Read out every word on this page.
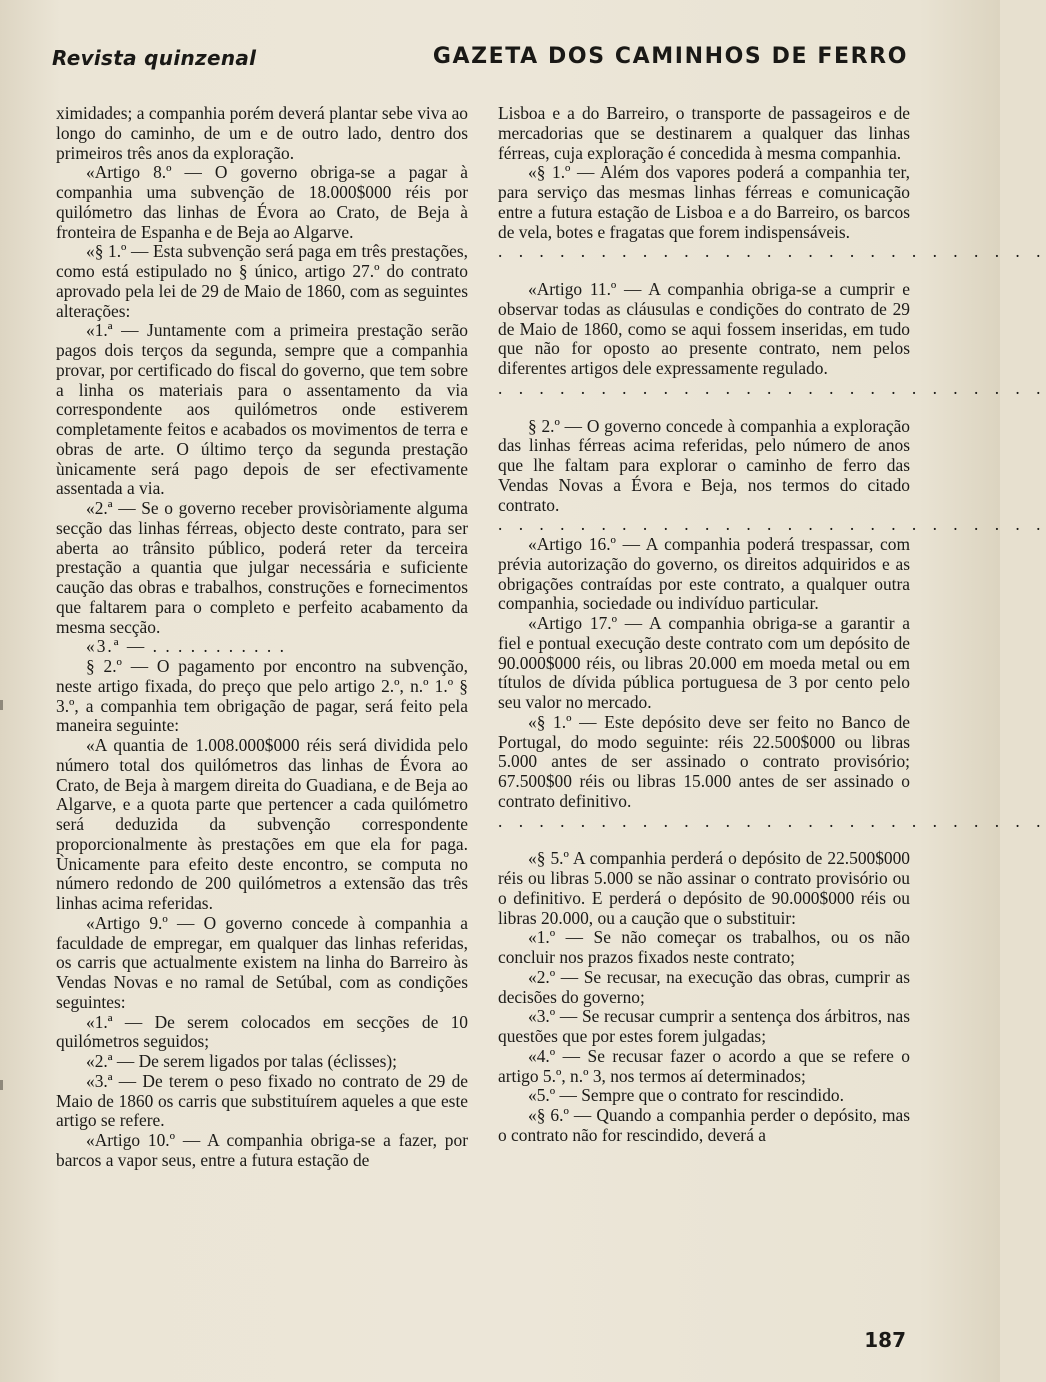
Revista quinzenal	GAZETA DOS CAMINHOS DE FERRO

ximidades; a companhia porém deverá plantar sebe viva ao longo do caminho, de um e de outro lado, dentro dos primeiros três anos da exploração.

«Artigo 8.º — O governo obriga-se a pagar à companhia uma subvenção de 18.000$000 réis por quilómetro das linhas de Évora ao Crato, de Beja à fronteira de Espanha e de Beja ao Algarve.

«§ 1.º — Esta subvenção será paga em três prestações, como está estipulado no § único, artigo 27.º do contrato aprovado pela lei de 29 de Maio de 1860, com as seguintes alterações:

«1.ª — Juntamente com a primeira prestação serão pagos dois terços da segunda, sempre que a companhia provar, por certificado do fiscal do governo, que tem sobre a linha os materiais para o assentamento da via correspondente aos quilómetros onde estiverem completamente feitos e acabados os movimentos de terra e obras de arte. O último terço da segunda prestação ùnicamente será pago depois de ser efectivamente assentada a via.

«2.ª — Se o governo receber provisòriamente alguma secção das linhas férreas, objecto deste contrato, para ser aberta ao trânsito público, poderá reter da terceira prestação a quantia que julgar necessária e suficiente caução das obras e trabalhos, construções e fornecimentos que faltarem para o completo e perfeito acabamento da mesma secção.

«3.ª — . . . . . . . . . . .

§ 2.º — O pagamento por encontro na subvenção, neste artigo fixada, do preço que pelo artigo 2.º, n.º 1.º § 3.º, a companhia tem obrigação de pagar, será feito pela maneira seguinte:

«A quantia de 1.008.000$000 réis será dividida pelo número total dos quilómetros das linhas de Évora ao Crato, de Beja à margem direita do Guadiana, e de Beja ao Algarve, e a quota parte que pertencer a cada quilómetro será deduzida da subvenção correspondente proporcionalmente às prestações em que ela for paga. Ùnicamente para efeito deste encontro, se computa no número redondo de 200 quilómetros a extensão das três linhas acima referidas.

«Artigo 9.º — O governo concede à companhia a faculdade de empregar, em qualquer das linhas referidas, os carris que actualmente existem na linha do Barreiro às Vendas Novas e no ramal de Setúbal, com as condições seguintes:

«1.ª — De serem colocados em secções de 10 quilómetros seguidos;

«2.ª — De serem ligados por talas (éclisses);

«3.ª — De terem o peso fixado no contrato de 29 de Maio de 1860 os carris que substituírem aqueles a que este artigo se refere.

«Artigo 10.º — A companhia obriga-se a fazer, por barcos a vapor seus, entre a futura estação de

Lisboa e a do Barreiro, o transporte de passageiros e de mercadorias que se destinarem a qualquer das linhas férreas, cuja exploração é concedida à mesma companhia.

«§ 1.º — Além dos vapores poderá a companhia ter, para serviço das mesmas linhas férreas e comunicação entre a futura estação de Lisboa e a do Barreiro, os barcos de vela, botes e fragatas que forem indispensáveis.

. . . . . . . . . . . . . . . . . . . . . . . . . . .

«Artigo 11.º — A companhia obriga-se a cumprir e observar todas as cláusulas e condições do contrato de 29 de Maio de 1860, como se aqui fossem inseridas, em tudo que não for oposto ao presente contrato, nem pelos diferentes artigos dele expressamente regulado.

. . . . . . . . . . . . . . . . . . . . . . . . . . .

§ 2.º — O governo concede à companhia a exploração das linhas férreas acima referidas, pelo número de anos que lhe faltam para explorar o caminho de ferro das Vendas Novas a Évora e Beja, nos termos do citado contrato.

. . . . . . . . . . . . . . . . . . . . . . . . . . .

«Artigo 16.º — A companhia poderá trespassar, com prévia autorização do governo, os direitos adquiridos e as obrigações contraídas por este contrato, a qualquer outra companhia, sociedade ou indivíduo particular.

«Artigo 17.º — A companhia obriga-se a garantir a fiel e pontual execução deste contrato com um depósito de 90.000$000 réis, ou libras 20.000 em moeda metal ou em títulos de dívida pública portuguesa de 3 por cento pelo seu valor no mercado.

«§ 1.º — Este depósito deve ser feito no Banco de Portugal, do modo seguinte: réis 22.500$000 ou libras 5.000 antes de ser assinado o contrato provisório; 67.500$00 réis ou libras 15.000 antes de ser assinado o contrato definitivo.

. . . . . . . . . . . . . . . . . . . . . . . . . . .

«§ 5.º A companhia perderá o depósito de 22.500$000 réis ou libras 5.000 se não assinar o contrato provisório ou o definitivo. E perderá o depósito de 90.000$000 réis ou libras 20.000, ou a caução que o substituir:

«1.º — Se não começar os trabalhos, ou os não concluir nos prazos fixados neste contrato;

«2.º — Se recusar, na execução das obras, cumprir as decisões do governo;

«3.º — Se recusar cumprir a sentença dos árbitros, nas questões que por estes forem julgadas;

«4.º — Se recusar fazer o acordo a que se refere o artigo 5.º, n.º 3, nos termos aí determinados;

«5.º — Sempre que o contrato for rescindido.

«§ 6.º — Quando a companhia perder o depósito, mas o contrato não for rescindido, deverá a

187
